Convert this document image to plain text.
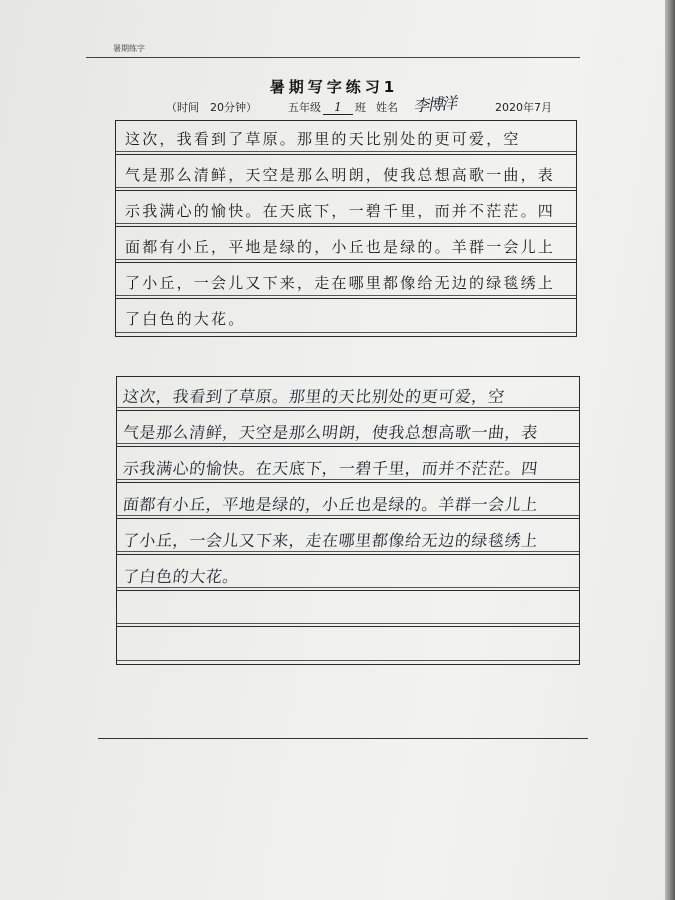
暑期练字
暑期写字练习1
（时间　20分钟）	五年级 1 班 姓名 李博洋	2020年7月
这次，我看到了草原。那里的天比别处的更可爱，空
气是那么清鲜，天空是那么明朗，使我总想高歌一曲，表
示我满心的愉快。在天底下，一碧千里，而并不茫茫。四
面都有小丘，平地是绿的，小丘也是绿的。羊群一会儿上
了小丘，一会儿又下来，走在哪里都像给无边的绿毯绣上
了白色的大花。
这次，我看到了草原。那里的天比别处的更可爱，空
气是那么清鲜，天空是那么明朗，使我总想高歌一曲，表
示我满心的愉快。在天底下，一碧千里，而并不茫茫。四
面都有小丘，平地是绿的，小丘也是绿的。羊群一会儿上
了小丘，一会儿又下来，走在哪里都像给无边的绿毯绣上
了白色的大花。
